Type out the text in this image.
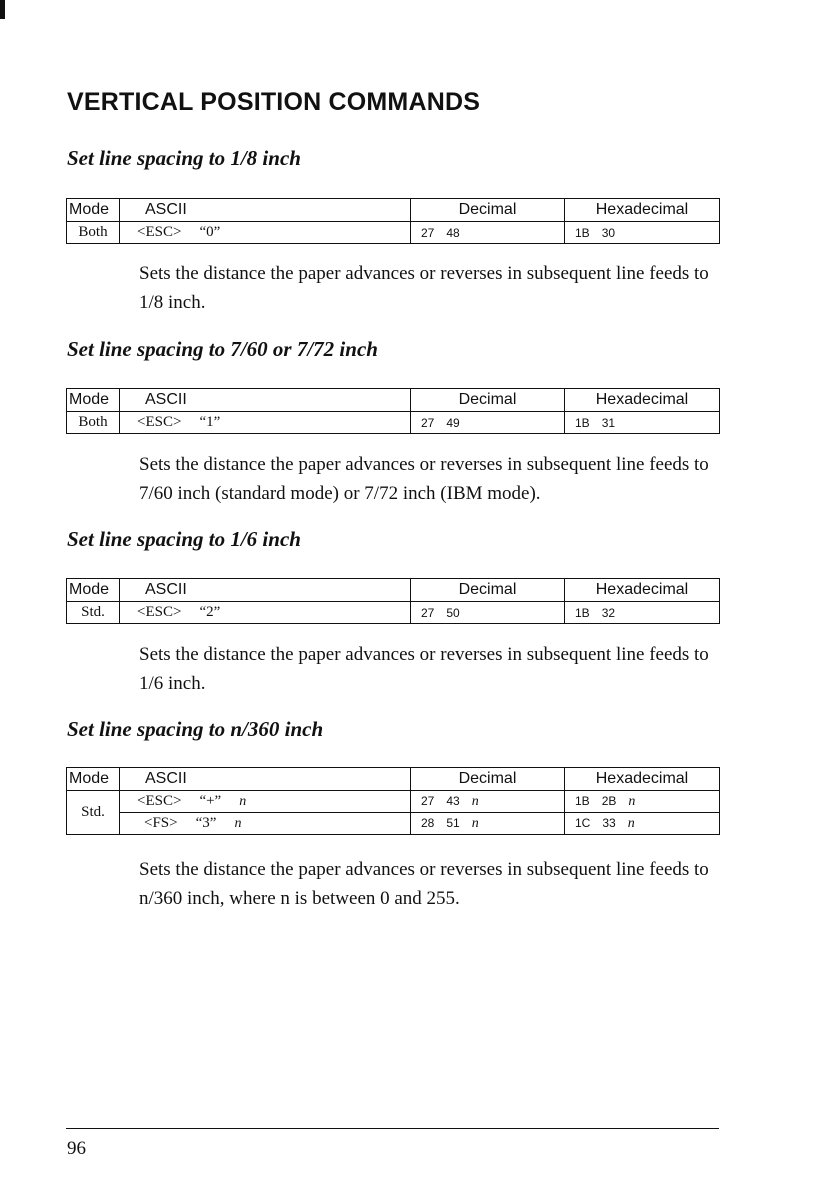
VERTICAL POSITION COMMANDS
Set line spacing to 1/8 inch
Mode	ASCII	Decimal	Hexadecimal
Both	<ESC> “0”	27 48	1B 30

Sets the distance the paper advances or reverses in subsequent line feeds to 1/8 inch.

Set line spacing to 7/60 or 7/72 inch
Mode	ASCII	Decimal	Hexadecimal
Both	<ESC> “1”	27 49	1B 31

Sets the distance the paper advances or reverses in subsequent line feeds to 7/60 inch (standard mode) or 7/72 inch (IBM mode).

Set line spacing to 1/6 inch
Mode	ASCII	Decimal	Hexadecimal
Std.	<ESC> “2”	27 50	1B 32

Sets the distance the paper advances or reverses in subsequent line feeds to 1/6 inch.

Set line spacing to n/360 inch
Mode	ASCII	Decimal	Hexadecimal
Std.	<ESC> “+” n	27 43 n	1B 2B n
	<FS> “3” n	28 51 n	1C 33 n

Sets the distance the paper advances or reverses in subsequent line feeds to n/360 inch, where n is between 0 and 255.

96
